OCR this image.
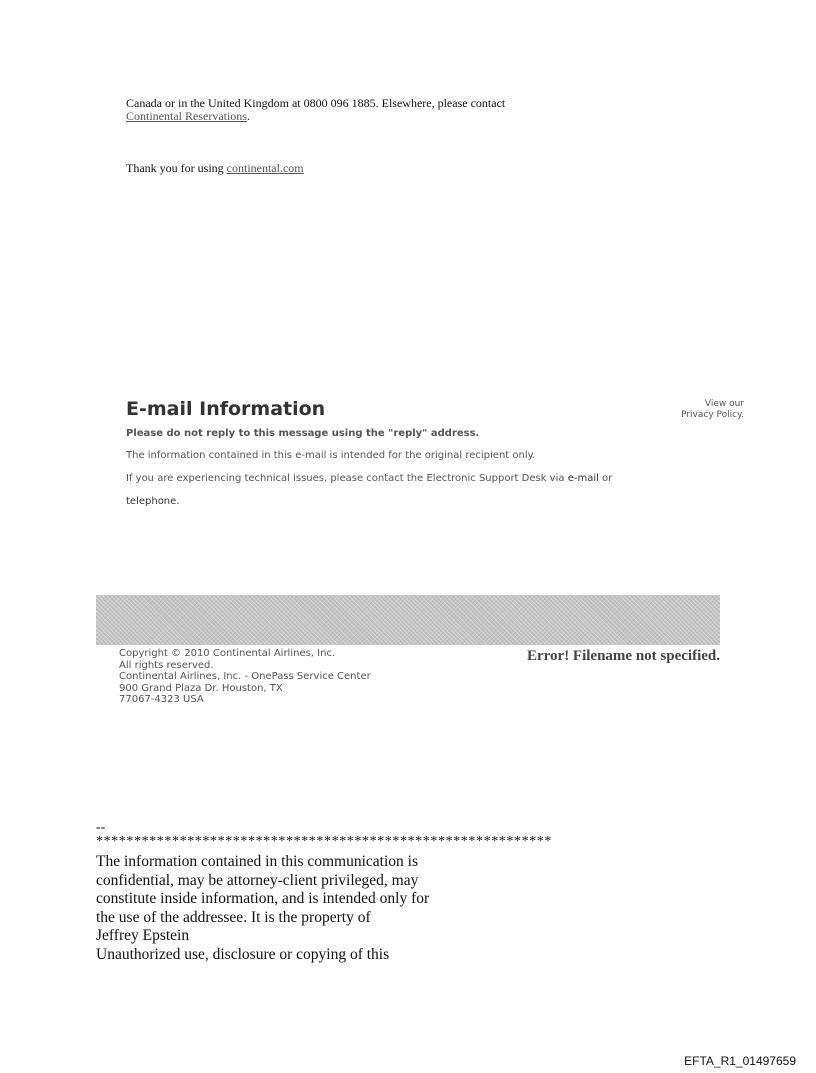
Canada or in the United Kingdom at 0800 096 1885. Elsewhere, please contact
Continental Reservations.
Thank you for using continental.com
E-mail Information	View our
Privacy Policy.
Please do not reply to this message using the "reply" address.
The information contained in this e-mail is intended for the original recipient only.
If you are experiencing technical issues, please contact the Electronic Support Desk via e-mail or
telephone.
Copyright © 2010 Continental Airlines, Inc.
All rights reserved.
Continental Airlines, Inc. - OnePass Service Center
900 Grand Plaza Dr. Houston, TX
77067-4323 USA
Error! Filename not specified.
--
************************************************************
The information contained in this communication is
confidential, may be attorney-client privileged, may
constitute inside information, and is intended only for
the use of the addressee. It is the property of
Jeffrey Epstein
Unauthorized use, disclosure or copying of this
EFTA_R1_01497659
